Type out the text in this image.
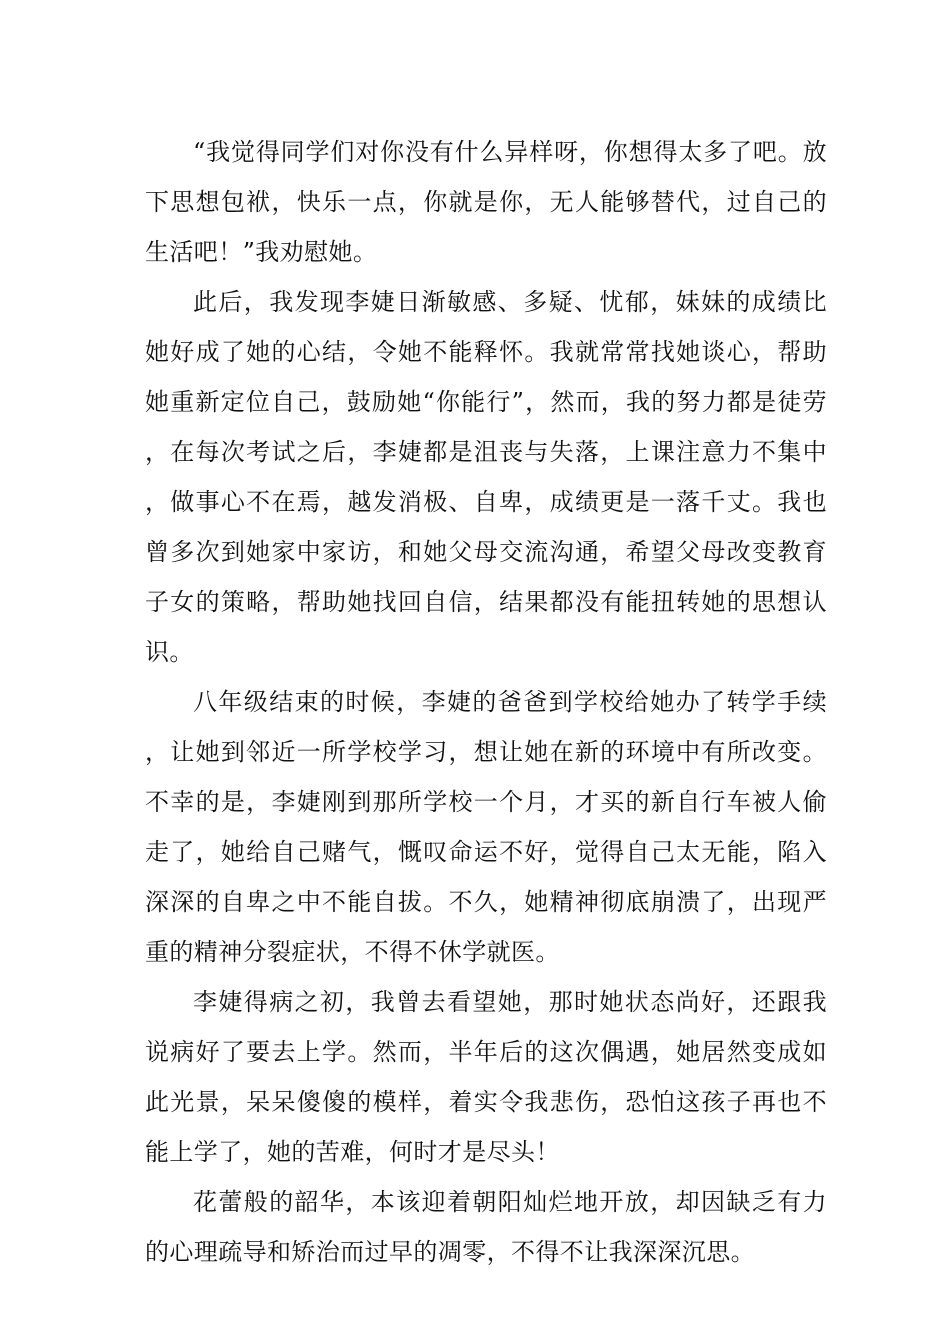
“我觉得同学们对你没有什么异样呀，你想得太多了吧。放下思想包袱，快乐一点，你就是你，无人能够替代，过自己的生活吧！”我劝慰她。

此后，我发现李婕日渐敏感、多疑、忧郁，妹妹的成绩比她好成了她的心结，令她不能释怀。我就常常找她谈心，帮助她重新定位自己，鼓励她“你能行”，然而，我的努力都是徒劳，在每次考试之后，李婕都是沮丧与失落，上课注意力不集中，做事心不在焉，越发消极、自卑，成绩更是一落千丈。我也曾多次到她家中家访，和她父母交流沟通，希望父母改变教育子女的策略，帮助她找回自信，结果都没有能扭转她的思想认识。

八年级结束的时候，李婕的爸爸到学校给她办了转学手续，让她到邻近一所学校学习，想让她在新的环境中有所改变。不幸的是，李婕刚到那所学校一个月，才买的新自行车被人偷走了，她给自己赌气，慨叹命运不好，觉得自己太无能，陷入深深的自卑之中不能自拔。不久，她精神彻底崩溃了，出现严重的精神分裂症状，不得不休学就医。

李婕得病之初，我曾去看望她，那时她状态尚好，还跟我说病好了要去上学。然而，半年后的这次偶遇，她居然变成如此光景，呆呆傻傻的模样，着实令我悲伤，恐怕这孩子再也不能上学了，她的苦难，何时才是尽头！

花蕾般的韶华，本该迎着朝阳灿烂地开放，却因缺乏有力的心理疏导和矫治而过早的凋零，不得不让我深深沉思。
